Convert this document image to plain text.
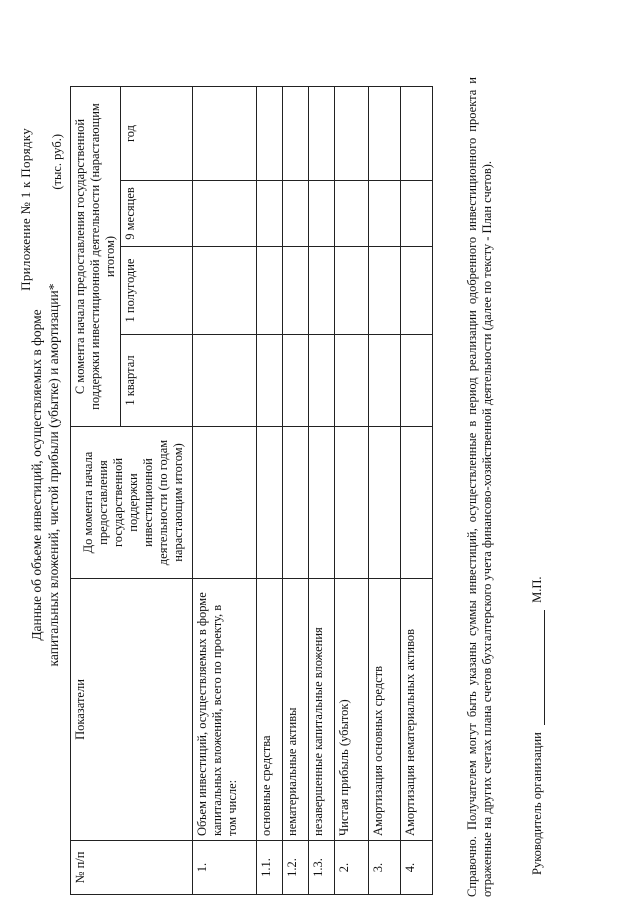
Приложение № 1 к Порядку
Данные об объеме инвестиций, осуществляемых в форме капитальных вложений, чистой прибыли (убытке) и амортизации*
(тыс. руб.)
№ п/п	Показатели	До момента начала предоставления государственной поддержки инвестиционной деятельности (по годам нарастающим итогом)	С момента начала предоставления государственной поддержки инвестиционной деятельности (нарастающим итогом)			
			1 квартал	1 полугодие	9 месяцев	год
1.	Объем инвестиций, осуществляемых в форме капитальных вложений, всего по проекту, в том числе:					
1.1.	основные средства					
1.2.	нематериальные активы					
1.3.	незавершенные капитальные вложения					
2.	Чистая прибыль (убыток)					
3.	Амортизация основных средств					
4.	Амортизация нематериальных активов						Справочно. Получателем могут быть указаны суммы инвестиций, осуществленные в период реализации одобренного инвестиционного проекта и отраженные на других счетах плана счетов бухгалтерского учета финансово-хозяйственной деятельности (далее по тексту - План счетов).	Руководитель организации  М.П.
